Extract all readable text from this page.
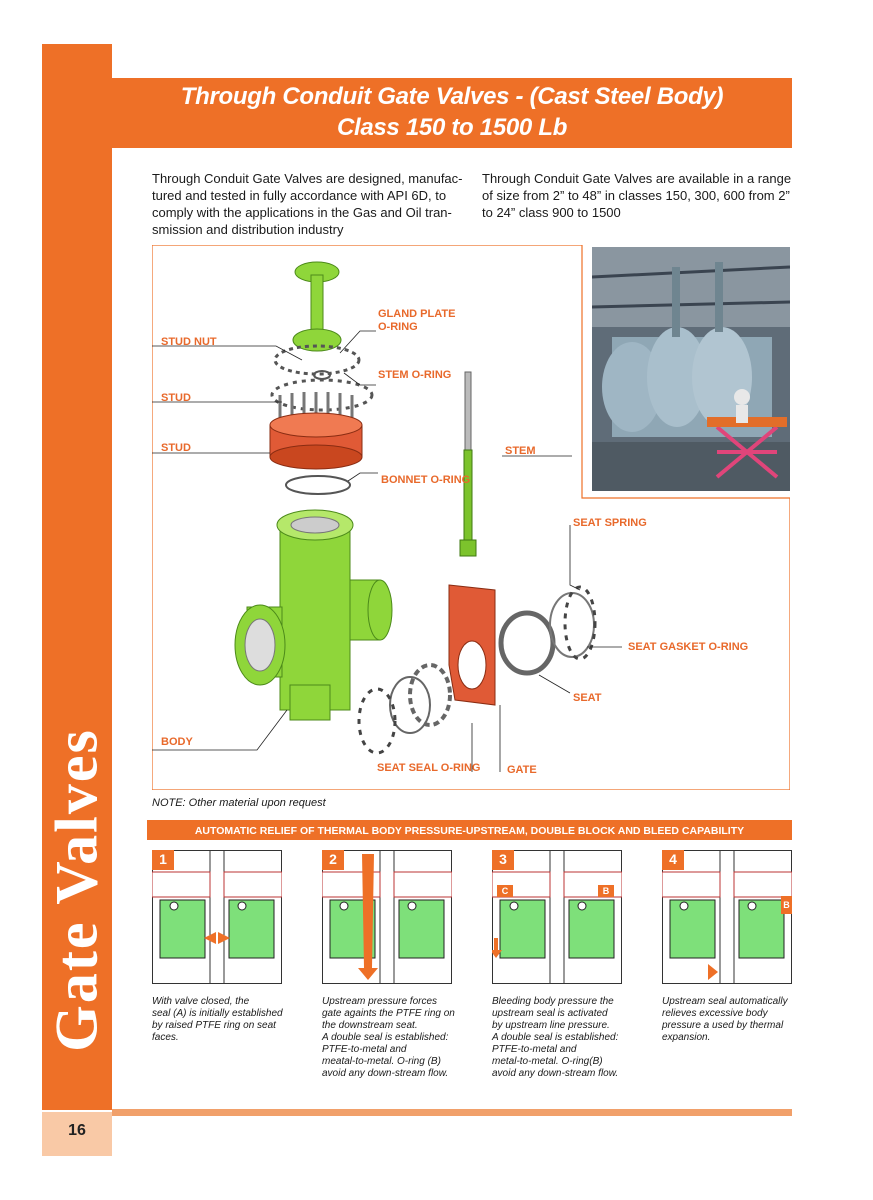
Gate Valves
16
Through Conduit Gate Valves - (Cast Steel Body)
Class 150 to 1500 Lb
Through Conduit Gate Valves are designed, manufac-
tured and tested in fully accordance with API 6D, to
comply with the applications in the Gas and Oil tran-
smission and distribution industry
Through Conduit Gate Valves are available in a range
of size from 2” to 48” in classes 150, 300, 600 from 2”
to 24” class 900 to 1500
GLAND PLATE
O-RING
STUD NUT
STEM O-RING
STUD
STUD	STEM
BONNET O-RING
SEAT SPRING
SEAT GASKET O-RING
SEAT
BODY
SEAT SEAL O-RING GATE
NOTE: Other material upon request
AUTOMATIC RELIEF OF THERMAL BODY PRESSURE-UPSTREAM, DOUBLE BLOCK AND BLEED CAPABILITY
1	2	3
C	B
4
B
With valve closed, the
seal (A) is initially established
by raised PTFE ring on seat
faces.
Upstream pressure forces
gate againts the PTFE ring on
the downstream seat.
A double seal is established:
PTFE-to-metal and
meatal-to-metal. O-ring (B)
avoid any down-stream flow.
Bleeding body pressure the
upstream seal is activated
by upstream line pressure.
A double seal is established:
PTFE-to-metal and
metal-to-metal. O-ring(B)
avoid any down-stream flow.
Upstream seal automatically
relieves excessive body
pressure a used by thermal
expansion.
